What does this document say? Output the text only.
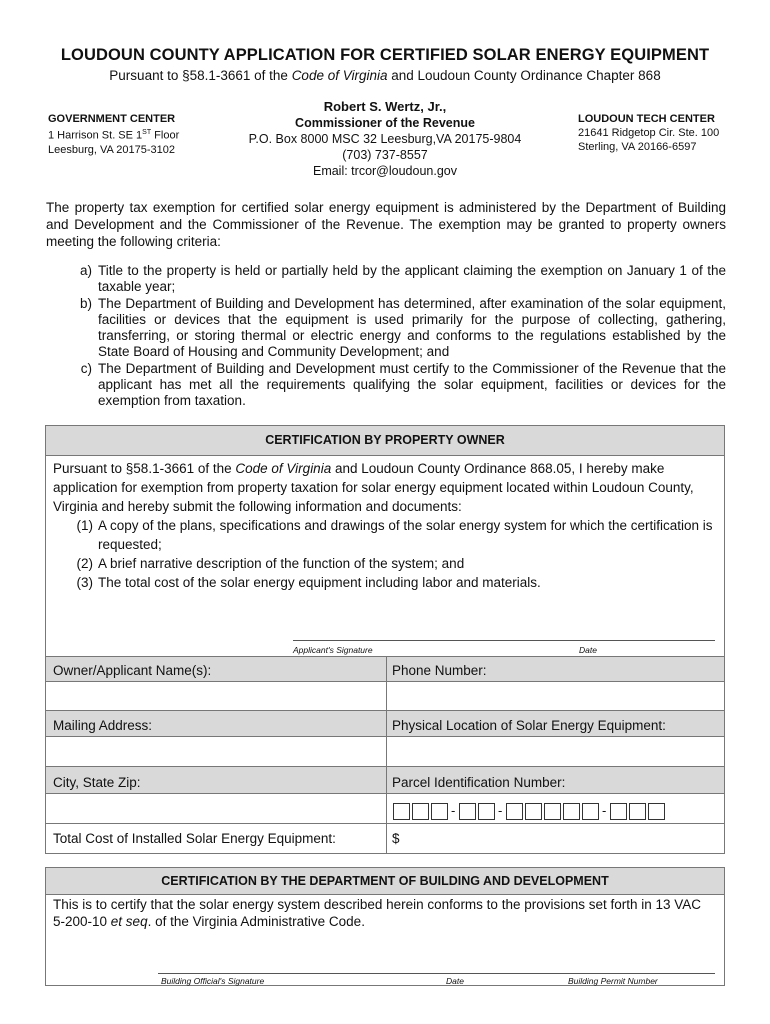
LOUDOUN COUNTY APPLICATION FOR CERTIFIED SOLAR ENERGY EQUIPMENT
Pursuant to §58.1-3661 of the Code of Virginia and Loudoun County Ordinance Chapter 868
GOVERNMENT CENTER
1 Harrison St. SE 1ST Floor
Leesburg, VA 20175-3102
Robert S. Wertz, Jr.,
Commissioner of the Revenue
P.O. Box 8000 MSC 32 Leesburg,VA 20175-9804
(703) 737-8557
Email: trcor@loudoun.gov
LOUDOUN TECH CENTER
21641 Ridgetop Cir. Ste. 100
Sterling, VA 20166-6597
The property tax exemption for certified solar energy equipment is administered by the Department of Building and Development and the Commissioner of the Revenue. The exemption may be granted to property owners meeting the following criteria:
a) Title to the property is held or partially held by the applicant claiming the exemption on January 1 of the taxable year;
b) The Department of Building and Development has determined, after examination of the solar equipment, facilities or devices that the equipment is used primarily for the purpose of collecting, gathering, transferring, or storing thermal or electric energy and conforms to the regulations established by the State Board of Housing and Community Development; and
c) The Department of Building and Development must certify to the Commissioner of the Revenue that the applicant has met all the requirements qualifying the solar equipment, facilities or devices for the exemption from taxation.
CERTIFICATION BY PROPERTY OWNER
Pursuant to §58.1-3661 of the Code of Virginia and Loudoun County Ordinance 868.05, I hereby make application for exemption from property taxation for solar energy equipment located within Loudoun County, Virginia and hereby submit the following information and documents:
(1) A copy of the plans, specifications and drawings of the solar energy system for which the certification is requested;
(2) A brief narrative description of the function of the system; and
(3) The total cost of the solar energy equipment including labor and materials.
Applicant's Signature	Date
Owner/Applicant Name(s):	Phone Number:
Mailing Address:	Physical Location of Solar Energy Equipment:
City, State Zip:	Parcel Identification Number:
-	-	-
Total Cost of Installed Solar Energy Equipment:	$
CERTIFICATION BY THE DEPARTMENT OF BUILDING AND DEVELOPMENT
This is to certify that the solar energy system described herein conforms to the provisions set forth in 13 VAC 5-200-10 et seq. of the Virginia Administrative Code.
Building Official's Signature	Date	Building Permit Number
